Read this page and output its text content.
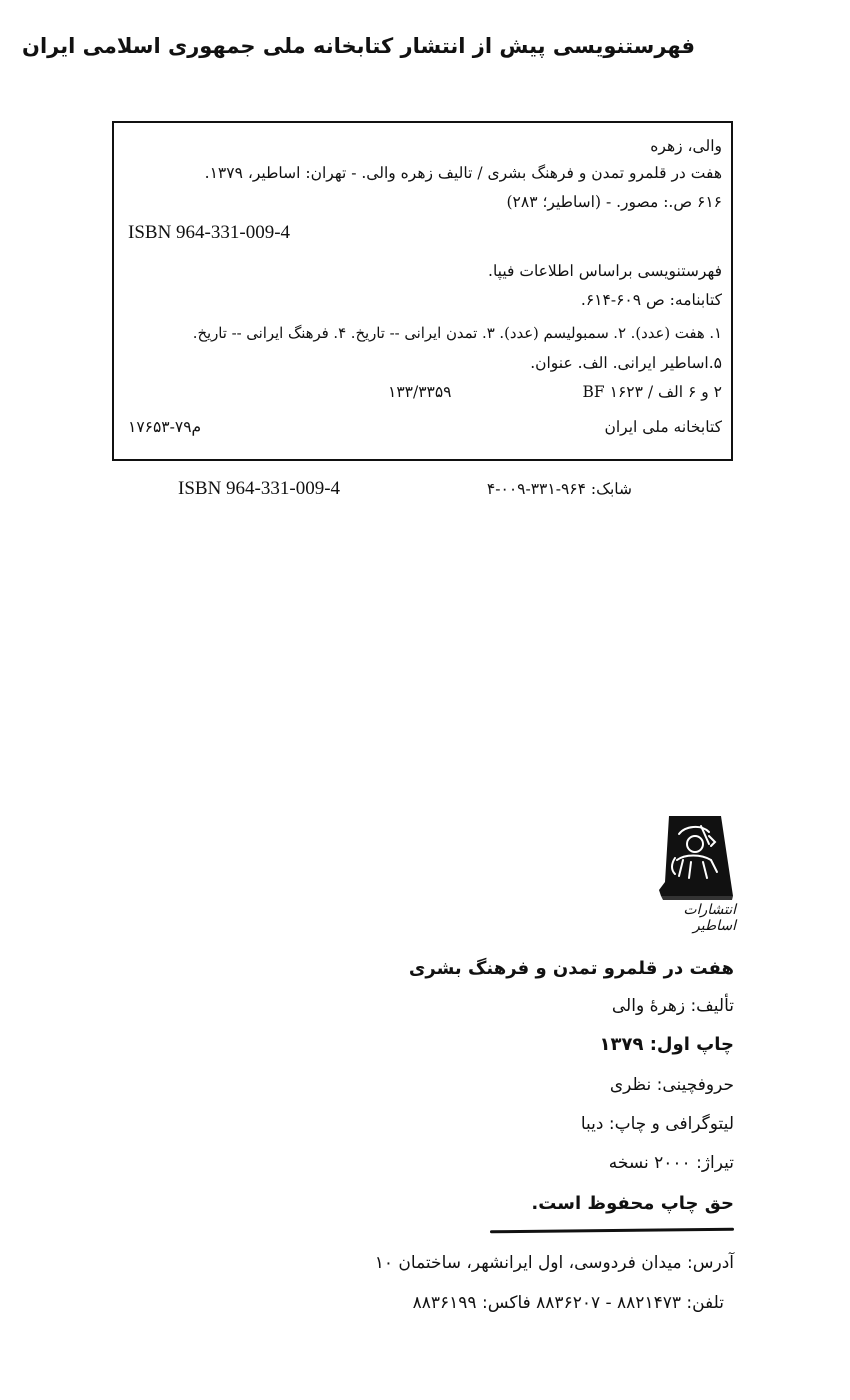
فهرستنویسی پیش از انتشار کتابخانه ملی جمهوری اسلامی ایران
والی، زهره
هفت در قلمرو تمدن و فرهنگ بشری / تالیف زهره والی. - تهران: اساطیر، ۱۳۷۹.
۶۱۶ ص.: مصور. - (اساطیر؛ ۲۸۳)
ISBN 964-331-009-4
فهرستنویسی براساس اطلاعات فیپا.
کتابنامه: ص ۶۰۹-۶۱۴.
۱. هفت (عدد). ۲. سمبولیسم (عدد). ۳. تمدن ایرانی -- تاریخ. ۴. فرهنگ ایرانی -- تاریخ.
۵.اساطیر ایرانی. الف. عنوان.
۲ و ۶ الف / BF ۱۶۲۳
۱۳۳/۳۳۵۹
کتابخانه ملی ایران
م۷۹-۱۷۶۵۳
ISBN 964-331-009-4	شابک: ۹۶۴-۳۳۱-۰۰۹-۴
انتشارات اساطیر
هفت در قلمرو تمدن و فرهنگ بشری
تألیف: زهرهٔ والی
چاپ اول: ۱۳۷۹
حروفچینی: نظری
لیتوگرافی و چاپ: دیبا
تیراژ: ۲۰۰۰ نسخه
حق چاپ محفوظ است.
آدرس: میدان فردوسی، اول ایرانشهر، ساختمان ۱۰
تلفن: ۸۸۲۱۴۷۳ - ۸۸۳۶۲۰۷ فاکس: ۸۸۳۶۱۹۹
